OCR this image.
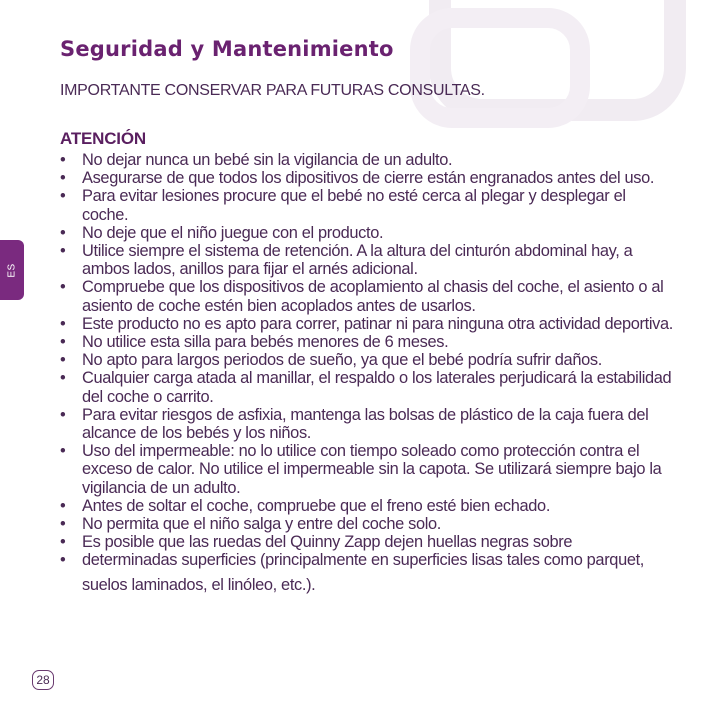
ES
Seguridad y Mantenimiento
IMPORTANTE CONSERVAR PARA FUTURAS CONSULTAS.
ATENCIÓN
•	No dejar nunca un bebé sin la vigilancia de un adulto.
•	Asegurarse de que todos los dipositivos de cierre están engranados antes del uso.
•	Para evitar lesiones procure que el bebé no esté cerca al plegar y desplegar el coche.
•	No deje que el niño juegue con el producto.
•	Utilice siempre el sistema de retención. A la altura del cinturón abdominal hay, a ambos lados, anillos para fijar el arnés adicional.
•	Compruebe que los dispositivos de acoplamiento al chasis del coche, el asiento o al asiento de coche estén bien acoplados antes de usarlos.
•	Este producto no es apto para correr, patinar ni para ninguna otra actividad deportiva.
•	No utilice esta silla para bebés menores de 6 meses.
•	No apto para largos periodos de sueño, ya que el bebé podría sufrir daños.
•	Cualquier carga atada al manillar, el respaldo o los laterales perjudicará la estabilidad del coche o carrito.
•	Para evitar riesgos de asfixia, mantenga las bolsas de plástico de la caja fuera del alcance de los bebés y los niños.
•	Uso del impermeable: no lo utilice con tiempo soleado como protección contra el exceso de calor. No utilice el impermeable sin la capota. Se utilizará siempre bajo la vigilancia de un adulto.
•	Antes de soltar el coche, compruebe que el freno esté bien echado.
•	No permita que el niño salga y entre del coche solo.
•	Es posible que las ruedas del Quinny Zapp dejen huellas negras sobre
•	determinadas superficies (principalmente en superficies lisas tales como parquet, suelos laminados, el linóleo, etc.).
28
